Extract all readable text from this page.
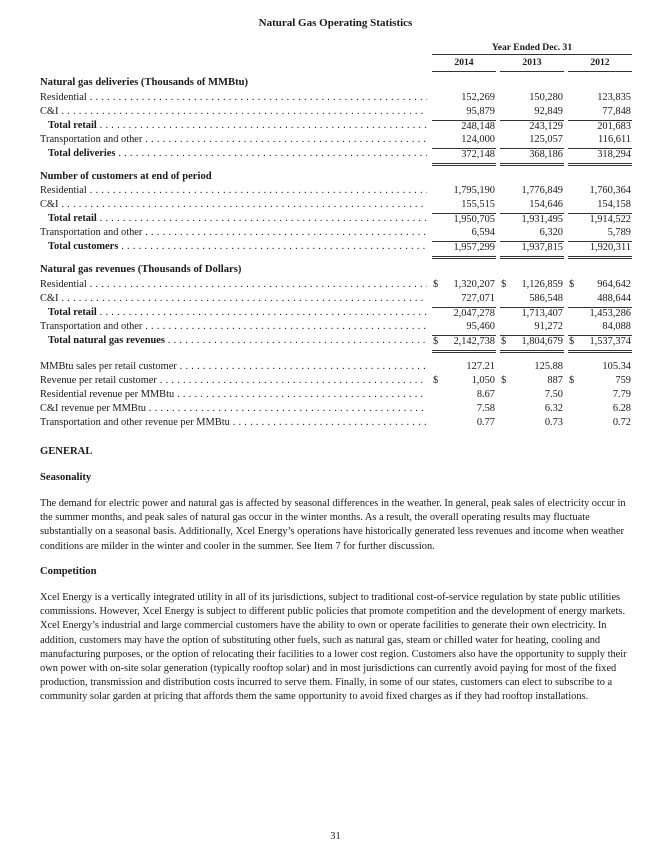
Natural Gas Operating Statistics
Year Ended Dec. 31
2014	2013	2012
Natural gas deliveries (Thousands of MMBtu)
Residential . . .	152,269	150,280	123,835
C&I . . .	95,879	92,849	77,848
Total retail . . .	248,148	243,129	201,683
Transportation and other . . .	124,000	125,057	116,611
Total deliveries . . .	372,148	368,186	318,294
Number of customers at end of period
Residential . . .	1,795,190	1,776,849	1,760,364
C&I . . .	155,515	154,646	154,158
Total retail . . .	1,950,705	1,931,495	1,914,522
Transportation and other . . .	6,594	6,320	5,789
Total customers . . .	1,957,299	1,937,815	1,920,311
Natural gas revenues (Thousands of Dollars)
Residential . . .	$ 1,320,207 $ 1,126,859 $ 964,642
C&I . . .	727,071	586,548	488,644
Total retail . . .	2,047,278	1,713,407	1,453,286
Transportation and other . . .	95,460	91,272	84,088
Total natural gas revenues . . .	$ 2,142,738 $ 1,804,679 $ 1,537,374
MMBtu sales per retail customer . . .	127.21	125.88	105.34
Revenue per retail customer . . .	$	1,050 $	887 $	759
Residential revenue per MMBtu . . .	8.67	7.50	7.79
C&I revenue per MMBtu . . .	7.58	6.32	6.28
Transportation and other revenue per MMBtu . . .	0.77	0.73	0.72
GENERAL
Seasonality
The demand for electric power and natural gas is affected by seasonal differences in the weather. In general, peak sales of electricity occur in the summer months, and peak sales of natural gas occur in the winter months. As a result, the overall operating results may fluctuate substantially on a seasonal basis. Additionally, Xcel Energy’s operations have historically generated less revenues and income when weather conditions are milder in the winter and cooler in the summer. See Item 7 for further discussion.
Competition
Xcel Energy is a vertically integrated utility in all of its jurisdictions, subject to traditional cost-of-service regulation by state public utilities commissions. However, Xcel Energy is subject to different public policies that promote competition and the development of energy markets. Xcel Energy’s industrial and large commercial customers have the ability to own or operate facilities to generate their own electricity. In addition, customers may have the option of substituting other fuels, such as natural gas, steam or chilled water for heating, cooling and manufacturing purposes, or the option of relocating their facilities to a lower cost region. Customers also have the opportunity to supply their own power with on-site solar generation (typically rooftop solar) and in most jurisdictions can currently avoid paying for most of the fixed production, transmission and distribution costs incurred to serve them. Finally, in some of our states, customers can elect to subscribe to a community solar garden at pricing that affords them the same opportunity to avoid fixed charges as if they had rooftop installations.
31
